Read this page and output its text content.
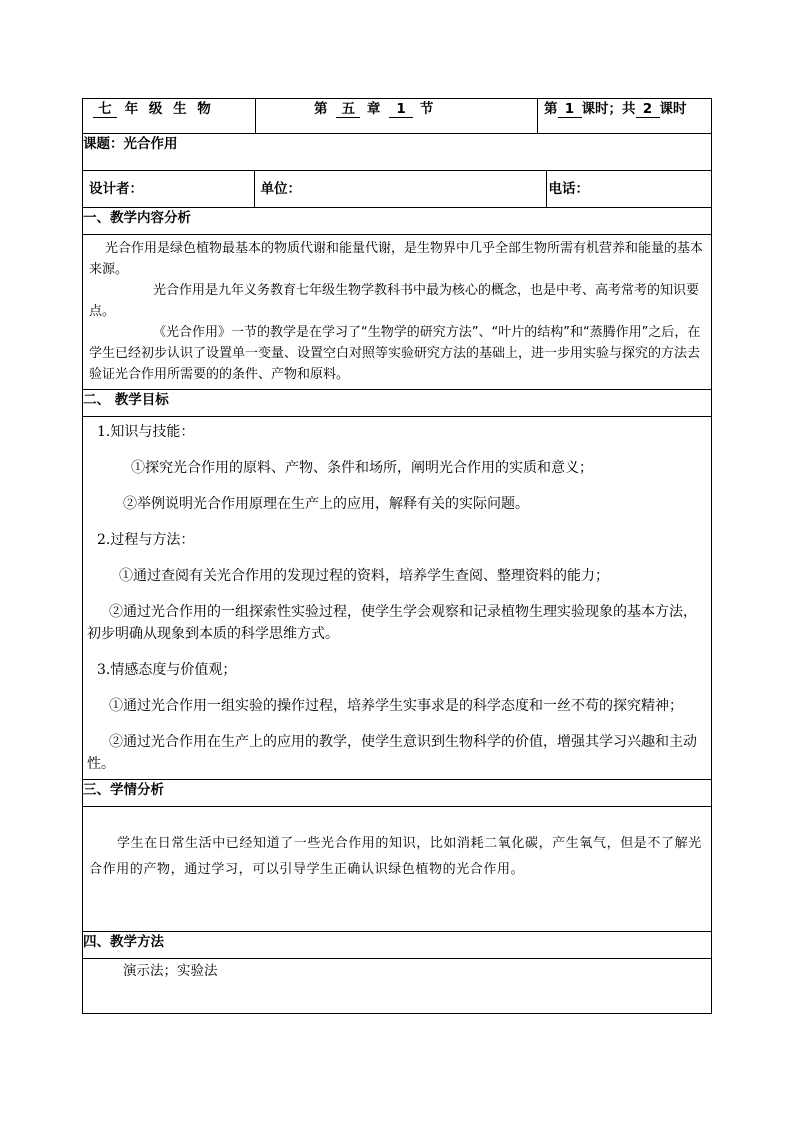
七 年 级 生 物	第 五 章 1 节	第 1 课时；共 2 课时
课题：光合作用

设计者：	单位：	电话：

一、教学内容分析

光合作用是绿色植物最基本的物质代谢和能量代谢，是生物界中几乎全部生物所需有机营养和能量的基本来源。

光合作用是九年义务教育七年级生物学教科书中最为核心的概念，也是中考、高考常考的知识要点。

《光合作用》一节的教学是在学习了“生物学的研究方法”、“叶片的结构”和“蒸腾作用”之后，在学生已经初步认识了设置单一变量、设置空白对照等实验研究方法的基础上，进一步用实验与探究的方法去验证光合作用所需要的的条件、产物和原料。

二、 教学目标

1.知识与技能：

①探究光合作用的原料、产物、条件和场所，阐明光合作用的实质和意义；

②举例说明光合作用原理在生产上的应用，解释有关的实际问题。

2.过程与方法：

①通过查阅有关光合作用的发现过程的资料，培养学生查阅、整理资料的能力；

②通过光合作用的一组探索性实验过程，使学生学会观察和记录植物生理实验现象的基本方法，初步明确从现象到本质的科学思维方式。

3.情感态度与价值观；

①通过光合作用一组实验的操作过程，培养学生实事求是的科学态度和一丝不苟的探究精神；

②通过光合作用在生产上的应用的教学，使学生意识到生物科学的价值，增强其学习兴趣和主动性。

三、学情分析

学生在日常生活中已经知道了一些光合作用的知识，比如消耗二氧化碳，产生氧气，但是不了解光合作用的产物，通过学习，可以引导学生正确认识绿色植物的光合作用。

四、教学方法
演示法；实验法
